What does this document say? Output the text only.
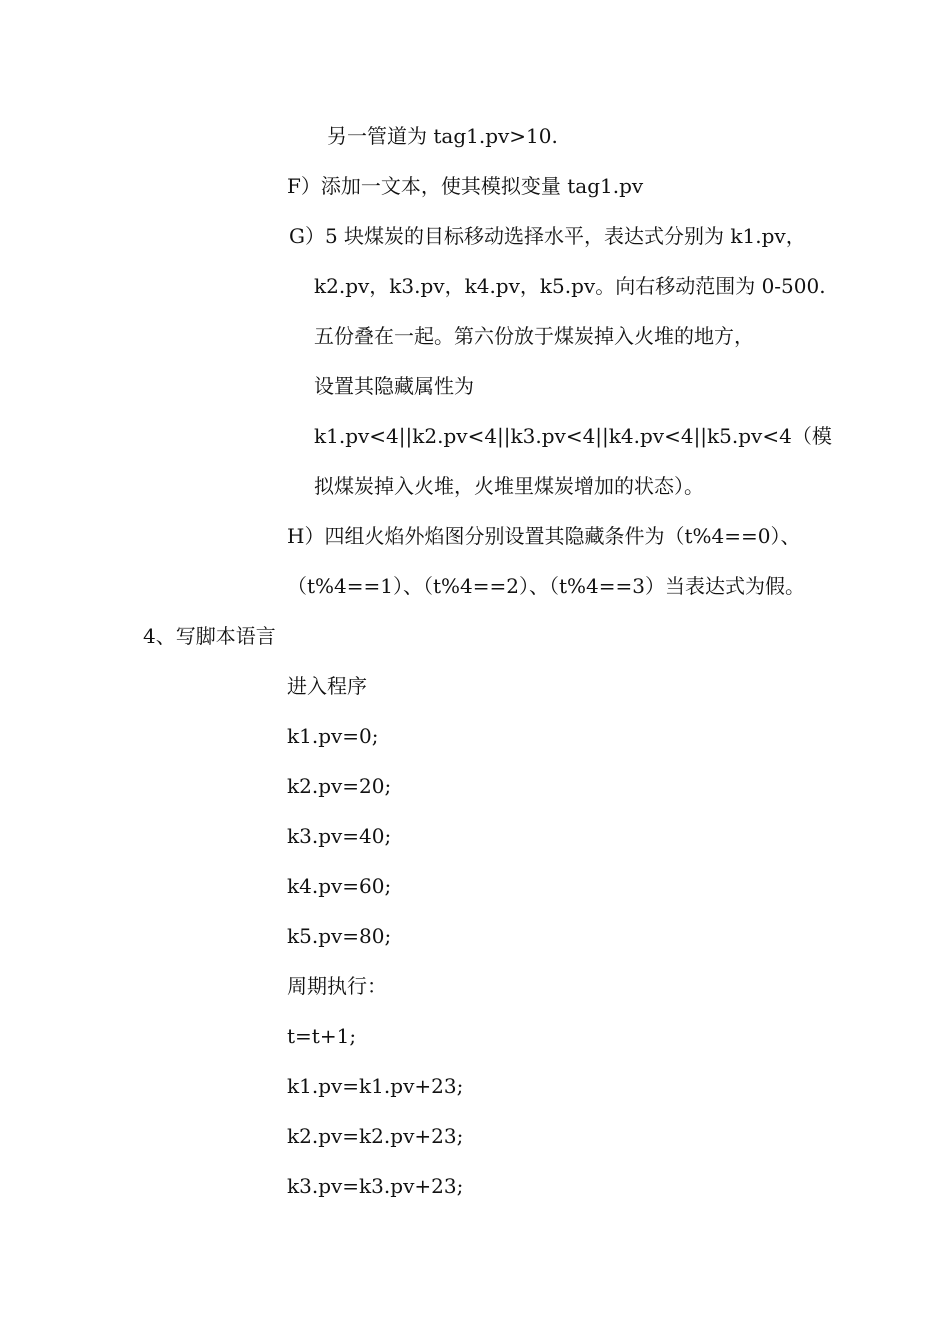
另一管道为 tag1.pv>10.
F）添加一文本，使其模拟变量 tag1.pv
G）5 块煤炭的目标移动选择水平，表达式分别为 k1.pv，
k2.pv，k3.pv，k4.pv，k5.pv。向右移动范围为 0-500.
五份叠在一起。第六份放于煤炭掉入火堆的地方，
设置其隐藏属性为
k1.pv<4||k2.pv<4||k3.pv<4||k4.pv<4||k5.pv<4（模
拟煤炭掉入火堆，火堆里煤炭增加的状态）。
H）四组火焰外焰图分别设置其隐藏条件为（t%4==0）、
（t%4==1）、（t%4==2）、（t%4==3）当表达式为假。
4、写脚本语言
进入程序
k1.pv=0;
k2.pv=20;
k3.pv=40;
k4.pv=60;
k5.pv=80;
周期执行：
t=t+1;
k1.pv=k1.pv+23;
k2.pv=k2.pv+23;
k3.pv=k3.pv+23;
